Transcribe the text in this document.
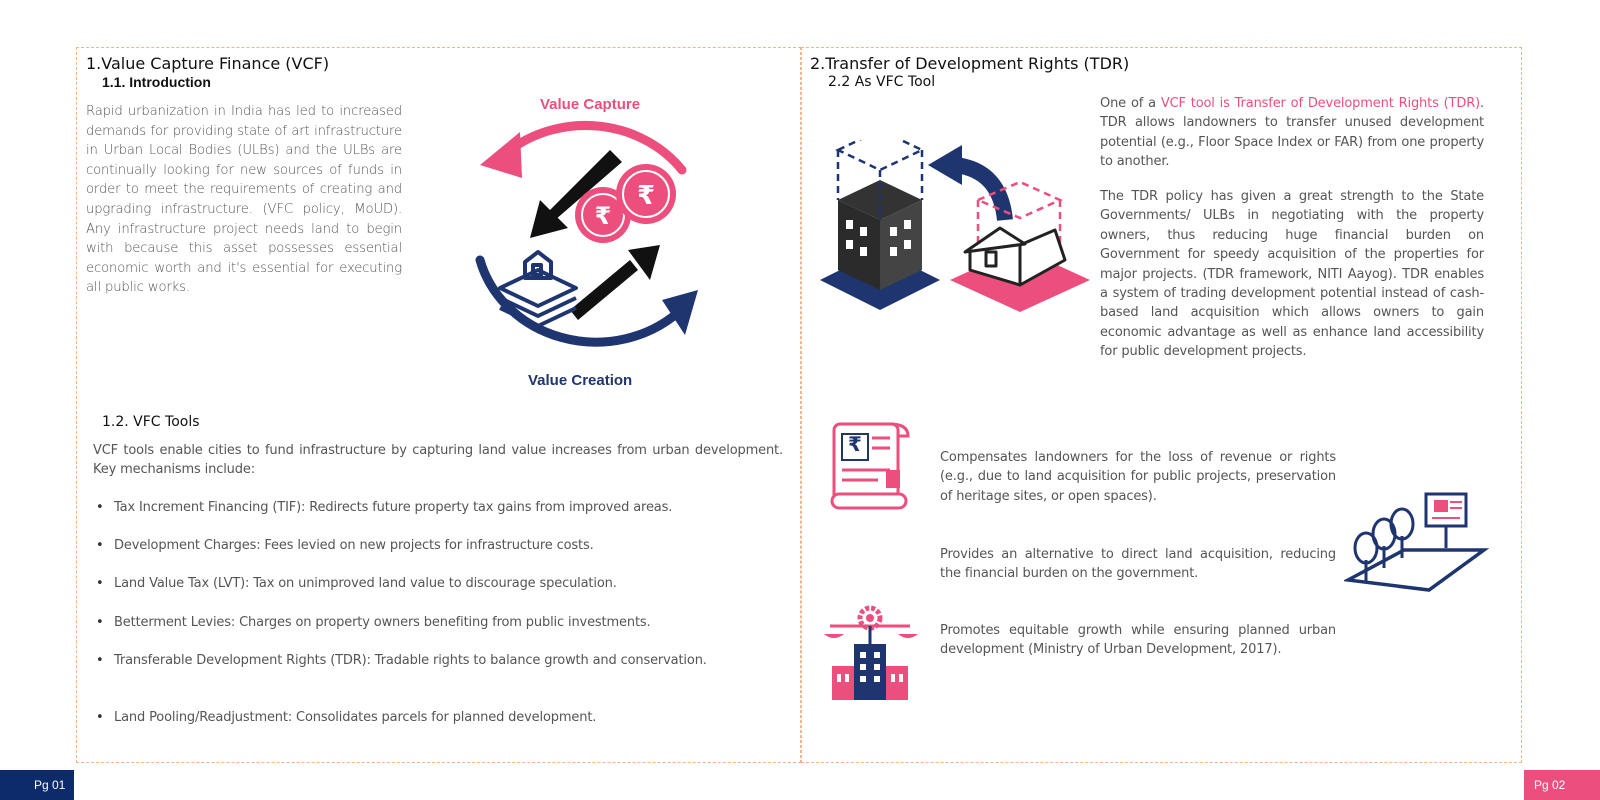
1.Value Capture Finance (VCF)
1.1. Introduction
Rapid urbanization in India has led to increased demands for providing state of art infrastructure in Urban Local Bodies (ULBs) and the ULBs are continually looking for new sources of funds in order to meet the requirements of creating and upgrading infrastructure. (VFC policy, MoUD). Any infrastructure project needs land to begin with because this asset possesses essential economic worth and it's essential for executing all public works.
Value Capture
₹
₹
Value Creation
1.2. VFC Tools
VCF tools enable cities to fund infrastructure by capturing land value increases from urban development. Key mechanisms include:
• Tax Increment Financing (TIF): Redirects future property tax gains from improved areas.
• Development Charges: Fees levied on new projects for infrastructure costs.
• Land Value Tax (LVT): Tax on unimproved land value to discourage speculation.
• Betterment Levies: Charges on property owners benefiting from public investments.
• Transferable Development Rights (TDR): Tradable rights to balance growth and conservation.
• Land Pooling/Readjustment: Consolidates parcels for planned development.
2.Transfer of Development Rights (TDR)
2.2 As VFC Tool
One of a VCF tool is Transfer of Development Rights (TDR). TDR allows landowners to transfer unused development potential (e.g., Floor Space Index or FAR) from one property to another.
The TDR policy has given a great strength to the State Governments/ ULBs in negotiating with the property owners, thus reducing huge financial burden on Government for speedy acquisition of the properties for major projects. (TDR framework, NITI Aayog). TDR enables a system of trading development potential instead of cash-based land acquisition which allows owners to gain economic advantage as well as enhance land accessibility for public development projects.
₹
Compensates landowners for the loss of revenue or rights (e.g., due to land acquisition for public projects, preservation of heritage sites, or open spaces).
Provides an alternative to direct land acquisition, reducing the financial burden on the government.
Promotes equitable growth while ensuring planned urban development (Ministry of Urban Development, 2017).
Pg 01	Pg 02
